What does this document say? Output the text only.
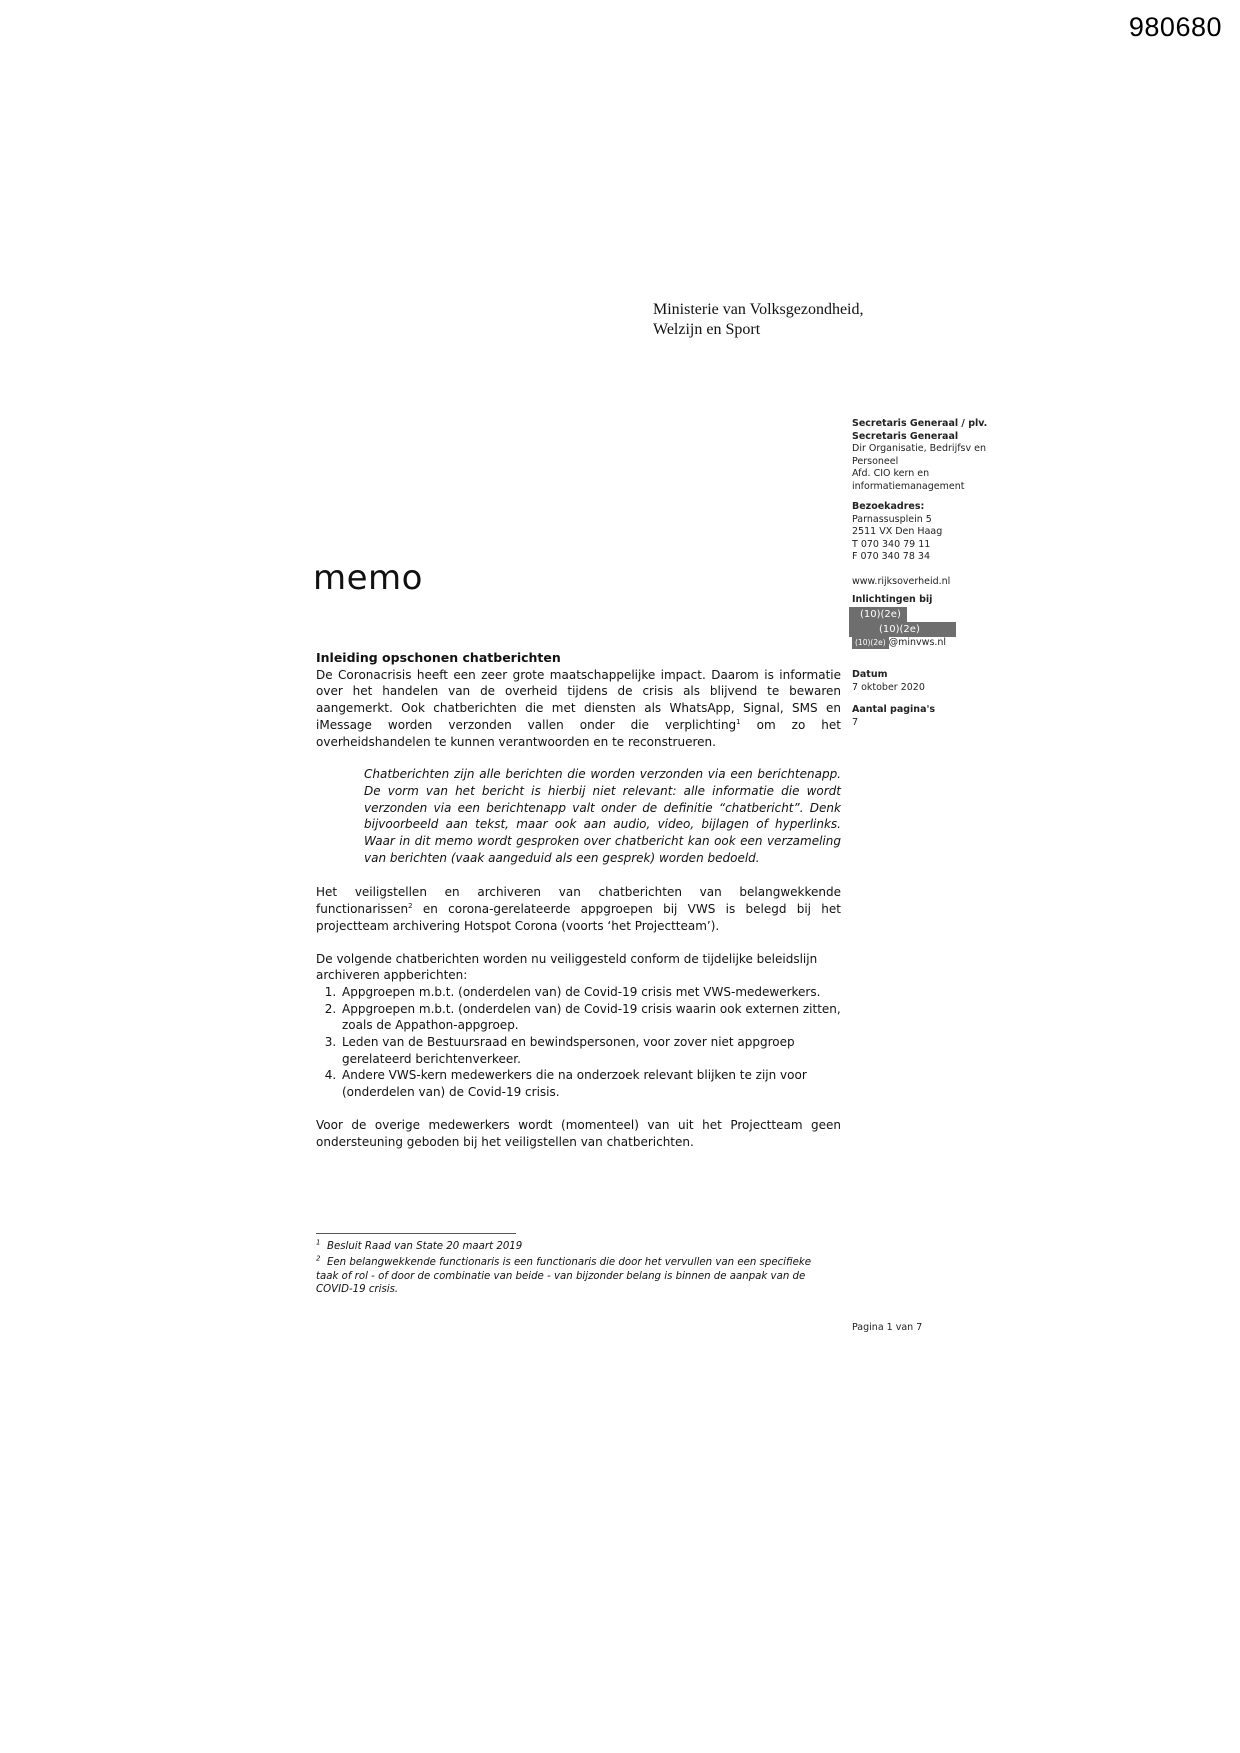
980680
Ministerie van Volksgezondheid,
Welzijn en Sport
memo
Secretaris Generaal / plv.
Secretaris Generaal
Dir Organisatie, Bedrijfsv en
Personeel
Afd. CIO kern en
informatiemanagement
Bezoekadres:
Parnassusplein 5
2511 VX Den Haag
T 070 340 79 11
F 070 340 78 34
www.rijksoverheid.nl
Inlichtingen bij
(10)(2e)
(10)(2e)
(10)(2e) @minvws.nl
Datum
7 oktober 2020
Aantal pagina's
7
Inleiding opschonen chatberichten

De Coronacrisis heeft een zeer grote maatschappelijke impact. Daarom is informatie over het handelen van de overheid tijdens de crisis als blijvend te bewaren aangemerkt. Ook chatberichten die met diensten als WhatsApp, Signal, SMS en iMessage worden verzonden vallen onder die verplichting$^1$ om zo het overheidshandelen te kunnen verantwoorden en te reconstrueren.

Chatberichten zijn alle berichten die worden verzonden via een berichtenapp. De vorm van het bericht is hierbij niet relevant: alle informatie die wordt verzonden via een berichtenapp valt onder de definitie “chatbericht”. Denk bijvoorbeeld aan tekst, maar ook aan audio, video, bijlagen of hyperlinks. Waar in dit memo wordt gesproken over chatbericht kan ook een verzameling van berichten (vaak aangeduid als een gesprek) worden bedoeld.

Het veiligstellen en archiveren van chatberichten van belangwekkende functionarissen$^2$ en corona-gerelateerde appgroepen bij VWS is belegd bij het projectteam archivering Hotspot Corona (voorts ‘het Projectteam’).

De volgende chatberichten worden nu veiliggesteld conform de tijdelijke beleidslijn archiveren appberichten:

1. Appgroepen m.b.t. (onderdelen van) de Covid-19 crisis met VWS-medewerkers.
2. Appgroepen m.b.t. (onderdelen van) de Covid-19 crisis waarin ook externen zitten, zoals de Appathon-appgroep.
3. Leden van de Bestuursraad en bewindspersonen, voor zover niet appgroep gerelateerd berichtenverkeer.
4. Andere VWS-kern medewerkers die na onderzoek relevant blijken te zijn voor (onderdelen van) de Covid-19 crisis.

Voor de overige medewerkers wordt (momenteel) van uit het Projectteam geen ondersteuning geboden bij het veiligstellen van chatberichten.

$^1$ Besluit Raad van State 20 maart 2019

$^2$ Een belangwekkende functionaris is een functionaris die door het vervullen van een specifieke taak of rol - of door de combinatie van beide - van bijzonder belang is binnen de aanpak van de COVID-19 crisis.

Pagina 1 van 7
